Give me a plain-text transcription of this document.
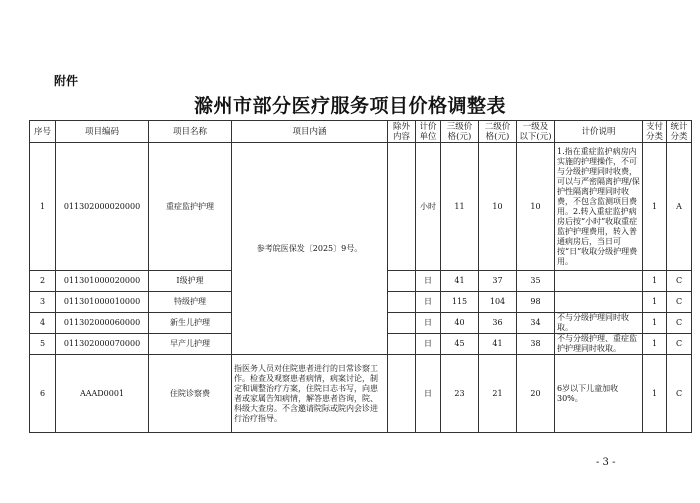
附件
滁州市部分医疗服务项目价格调整表
序号	项目编码	项目名称	项目内涵	除外内容	计价单位	三级价格(元)	二级价格(元)	一级及以下(元)	计价说明	支付分类	统计分类
1	011302000020000	重症监护护理	参考皖医保发〔2025〕9号。		小时	11	10	10	1.指在重症监护病房内实施的护理操作，不可与分级护理同时收费，可以与严密隔离护理/保护性隔离护理同时收费，不包含监测项目费用。2.转入重症监护病房后按“小时”收取重症监护护理费用，转入普通病房后，当日可按“日”收取分级护理费用。	1	A
2	011301000020000	Ⅰ级护理			日	41	37	35		1	C
3	011301000010000	特级护理			日	115	104	98		1	C
4	011302000060000	新生儿护理			日	40	36	34	不与分级护理同时收取。	1	C
5	011302000070000	早产儿护理			日	45	41	38	不与分级护理、重症监护护理同时收取。	1	C
6	AAAD0001	住院诊察费	指医务人员对住院患者进行的日常诊察工作。检查及观察患者病情，病案讨论，制定和调整治疗方案，住院日志书写，向患者或家属告知病情，解答患者咨询，院、科级大查房。不含邀请院际或院内会诊进行治疗指导。		日	23	21	20	6岁以下儿童加收30%。	1	C
- 3 -
